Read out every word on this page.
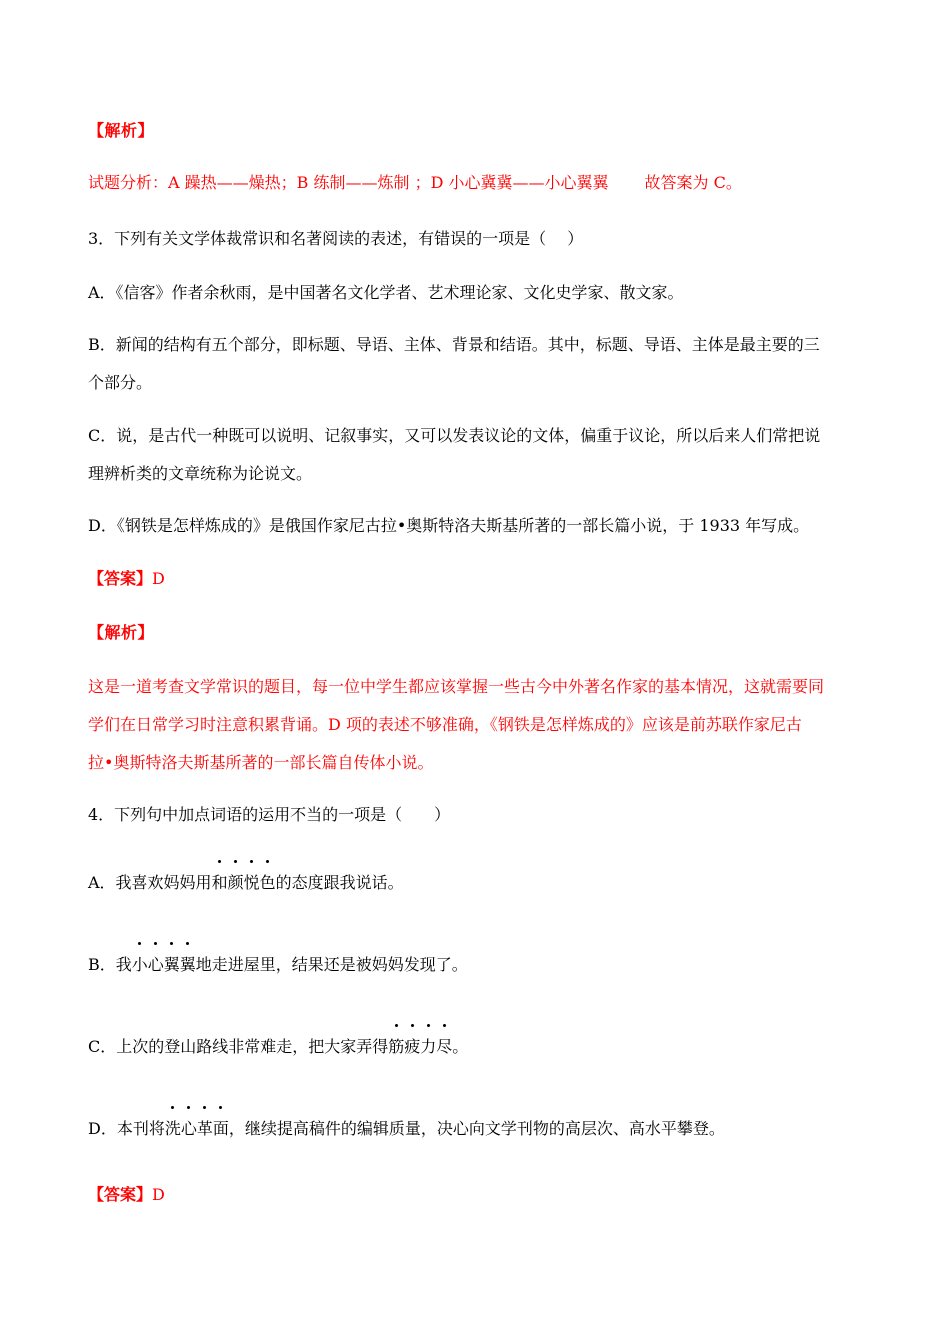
【解析】

试题分析：A 躁热——燥热；B 练制——炼制 ；D 小心冀冀——小心翼翼 故答案为 C。

3．下列有关文学体裁常识和名著阅读的表述，有错误的一项是（　 ）

A．《信客》作者余秋雨，是中国著名文化学者、艺术理论家、文化史学家、散文家。

B．新闻的结构有五个部分，即标题、导语、主体、背景和结语。其中，标题、导语、主体是最主要的三

个部分。

C．说，是古代一种既可以说明、记叙事实，又可以发表议论的文体，偏重于议论，所以后来人们常把说

理辨析类的文章统称为论说文。

D．《钢铁是怎样炼成的》是俄国作家尼古拉•奥斯特洛夫斯基所著的一部长篇小说，于 1933 年写成。

【答案】D

【解析】

这是一道考查文学常识的题目，每一位中学生都应该掌握一些古今中外著名作家的基本情况，这就需要同

学们在日常学习时注意积累背诵。D 项的表述不够准确，《钢铁是怎样炼成的》应该是前苏联作家尼古

拉•奥斯特洛夫斯基所著的一部长篇自传体小说。

4．下列句中加点词语的运用不当的一项是（　　）

A．我喜欢妈妈用
和颜悦色的态度跟我说话。

B．我
小心翼翼地走进屋里，结果还是被妈妈发现了。

C．上次的登山路线非常难走，把大家弄得
筋疲力尽。

D．本刊将
洗心革面，继续提高稿件的编辑质量，决心向文学刊物的高层次、高水平攀登。

【答案】D
